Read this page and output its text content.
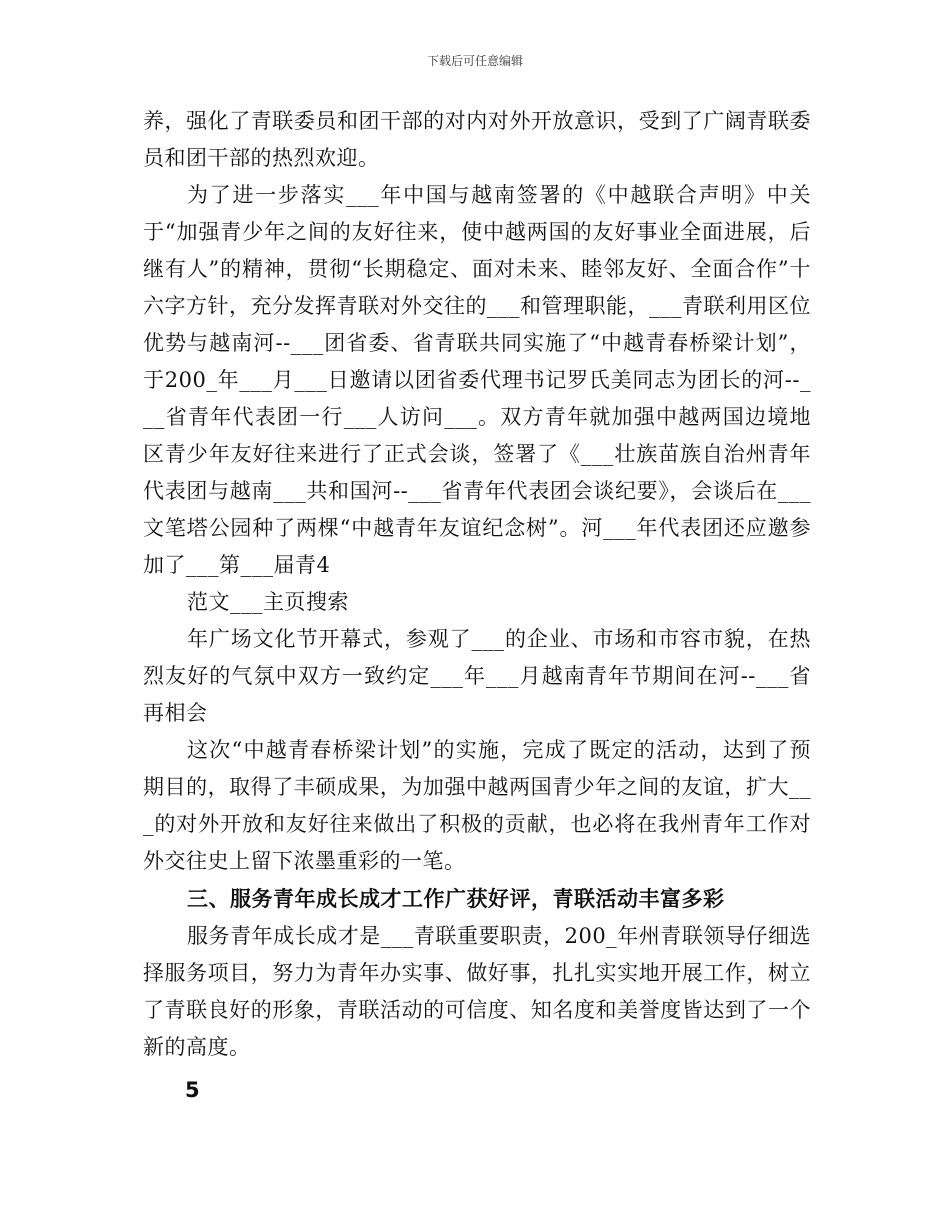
下载后可任意编辑

养，强化了青联委员和团干部的对内对外开放意识，受到了广阔青联委员和团干部的热烈欢迎。

为了进一步落实___年中国与越南签署的《中越联合声明》中关于“加强青少年之间的友好往来，使中越两国的友好事业全面进展，后继有人”的精神，贯彻“长期稳定、面对未来、睦邻友好、全面合作”十六字方针，充分发挥青联对外交往的___和管理职能，___青联利用区位优势与越南河--___团省委、省青联共同实施了“中越青春桥梁计划”，于200_年___月___日邀请以团省委代理书记罗氏美同志为团长的河--___省青年代表团一行___人访问___。双方青年就加强中越两国边境地区青少年友好往来进行了正式会谈，签署了《___壮族苗族自治州青年代表团与越南___共和国河--___省青年代表团会谈纪要》，会谈后在___文笔塔公园种了两棵“中越青年友谊纪念树”。河___年代表团还应邀参加了___第___届青4

范文___主页搜索

年广场文化节开幕式，参观了___的企业、市场和市容市貌，在热烈友好的气氛中双方一致约定___年___月越南青年节期间在河--___省再相会

这次“中越青春桥梁计划”的实施，完成了既定的活动，达到了预期目的，取得了丰硕成果，为加强中越两国青少年之间的友谊，扩大___的对外开放和友好往来做出了积极的贡献，也必将在我州青年工作对外交往史上留下浓墨重彩的一笔。

三、服务青年成长成才工作广获好评，青联活动丰富多彩

服务青年成长成才是___青联重要职责，200_年州青联领导仔细选择服务项目，努力为青年办实事、做好事，扎扎实实地开展工作，树立了青联良好的形象，青联活动的可信度、知名度和美誉度皆达到了一个新的高度。

5
